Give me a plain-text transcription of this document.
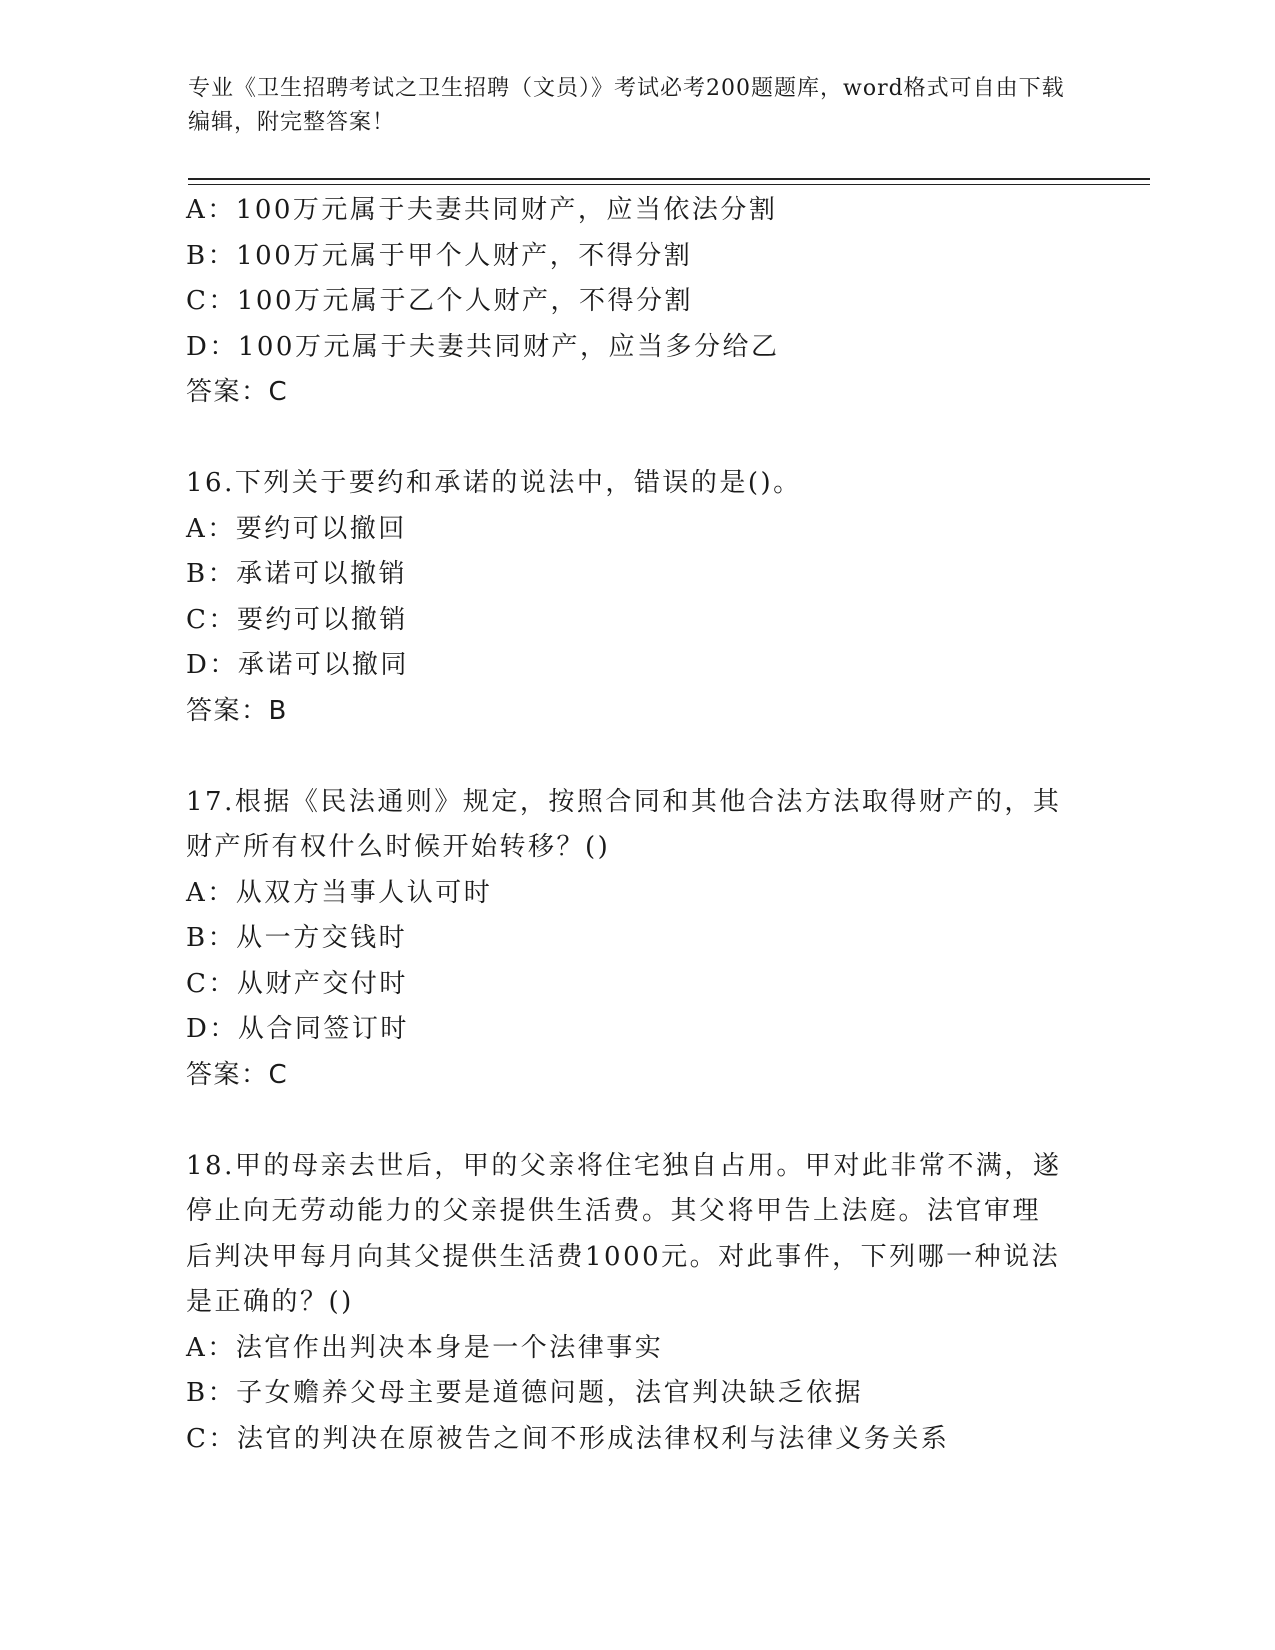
专业《卫生招聘考试之卫生招聘（文员）》考试必考200题题库，word格式可自由下载编辑，附完整答案！
A：100万元属于夫妻共同财产，应当依法分割
B：100万元属于甲个人财产，不得分割
C：100万元属于乙个人财产，不得分割
D：100万元属于夫妻共同财产，应当多分给乙
答案：C
16.下列关于要约和承诺的说法中，错误的是()。
A：要约可以撤回
B：承诺可以撤销
C：要约可以撤销
D：承诺可以撤同
答案：B
17.根据《民法通则》规定，按照合同和其他合法方法取得财产的，其财产所有权什么时候开始转移？()
A：从双方当事人认可时
B：从一方交钱时
C：从财产交付时
D：从合同签订时
答案：C
18.甲的母亲去世后，甲的父亲将住宅独自占用。甲对此非常不满，遂停止向无劳动能力的父亲提供生活费。其父将甲告上法庭。法官审理后判决甲每月向其父提供生活费1000元。对此事件，下列哪一种说法是正确的？()
A：法官作出判决本身是一个法律事实
B：子女赡养父母主要是道德问题，法官判决缺乏依据
C：法官的判决在原被告之间不形成法律权利与法律义务关系
